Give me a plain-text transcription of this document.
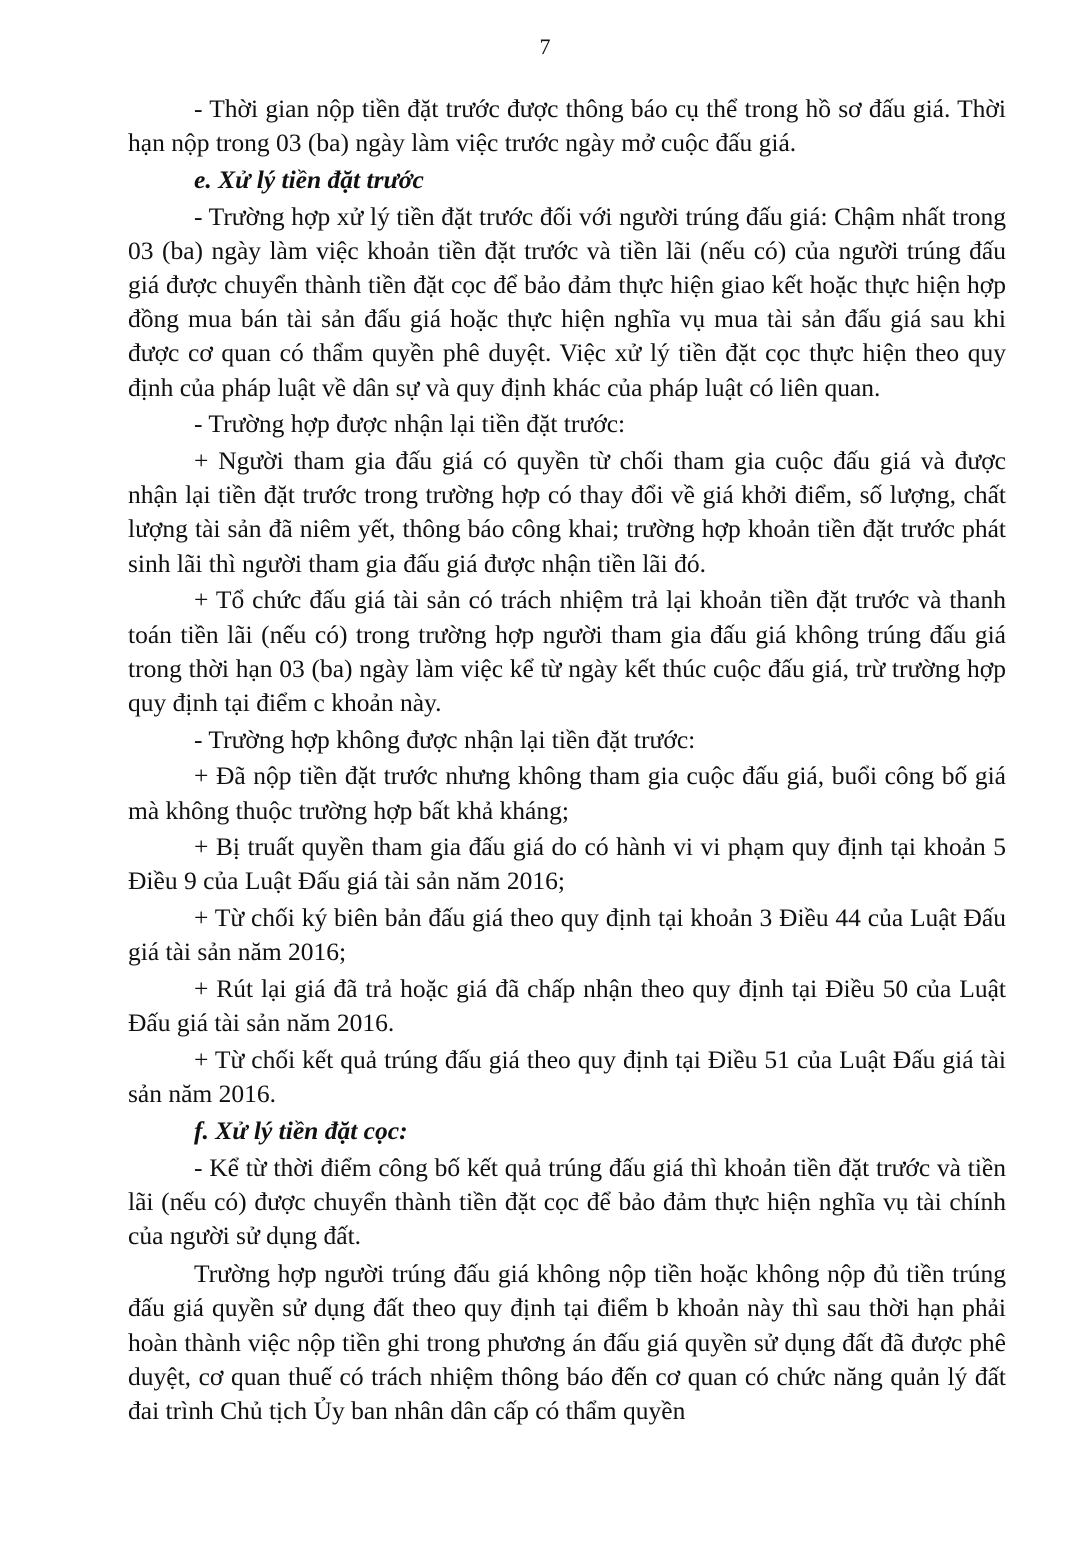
7

- Thời gian nộp tiền đặt trước được thông báo cụ thể trong hồ sơ đấu giá. Thời hạn nộp trong 03 (ba) ngày làm việc trước ngày mở cuộc đấu giá.

e. Xử lý tiền đặt trước

- Trường hợp xử lý tiền đặt trước đối với người trúng đấu giá: Chậm nhất trong 03 (ba) ngày làm việc khoản tiền đặt trước và tiền lãi (nếu có) của người trúng đấu giá được chuyển thành tiền đặt cọc để bảo đảm thực hiện giao kết hoặc thực hiện hợp đồng mua bán tài sản đấu giá hoặc thực hiện nghĩa vụ mua tài sản đấu giá sau khi được cơ quan có thẩm quyền phê duyệt. Việc xử lý tiền đặt cọc thực hiện theo quy định của pháp luật về dân sự và quy định khác của pháp luật có liên quan.

- Trường hợp được nhận lại tiền đặt trước:

+ Người tham gia đấu giá có quyền từ chối tham gia cuộc đấu giá và được nhận lại tiền đặt trước trong trường hợp có thay đổi về giá khởi điểm, số lượng, chất lượng tài sản đã niêm yết, thông báo công khai; trường hợp khoản tiền đặt trước phát sinh lãi thì người tham gia đấu giá được nhận tiền lãi đó.

+ Tổ chức đấu giá tài sản có trách nhiệm trả lại khoản tiền đặt trước và thanh toán tiền lãi (nếu có) trong trường hợp người tham gia đấu giá không trúng đấu giá trong thời hạn 03 (ba) ngày làm việc kể từ ngày kết thúc cuộc đấu giá, trừ trường hợp quy định tại điểm c khoản này.

- Trường hợp không được nhận lại tiền đặt trước:

+ Đã nộp tiền đặt trước nhưng không tham gia cuộc đấu giá, buổi công bố giá mà không thuộc trường hợp bất khả kháng;

+ Bị truất quyền tham gia đấu giá do có hành vi vi phạm quy định tại khoản 5 Điều 9 của Luật Đấu giá tài sản năm 2016;

+ Từ chối ký biên bản đấu giá theo quy định tại khoản 3 Điều 44 của Luật Đấu giá tài sản năm 2016;

+ Rút lại giá đã trả hoặc giá đã chấp nhận theo quy định tại Điều 50 của Luật Đấu giá tài sản năm 2016.

+ Từ chối kết quả trúng đấu giá theo quy định tại Điều 51 của Luật Đấu giá tài sản năm 2016.

f. Xử lý tiền đặt cọc:

- Kể từ thời điểm công bố kết quả trúng đấu giá thì khoản tiền đặt trước và tiền lãi (nếu có) được chuyển thành tiền đặt cọc để bảo đảm thực hiện nghĩa vụ tài chính của người sử dụng đất.

Trường hợp người trúng đấu giá không nộp tiền hoặc không nộp đủ tiền trúng đấu giá quyền sử dụng đất theo quy định tại điểm b khoản này thì sau thời hạn phải hoàn thành việc nộp tiền ghi trong phương án đấu giá quyền sử dụng đất đã được phê duyệt, cơ quan thuế có trách nhiệm thông báo đến cơ quan có chức năng quản lý đất đai trình Chủ tịch Ủy ban nhân dân cấp có thẩm quyền
